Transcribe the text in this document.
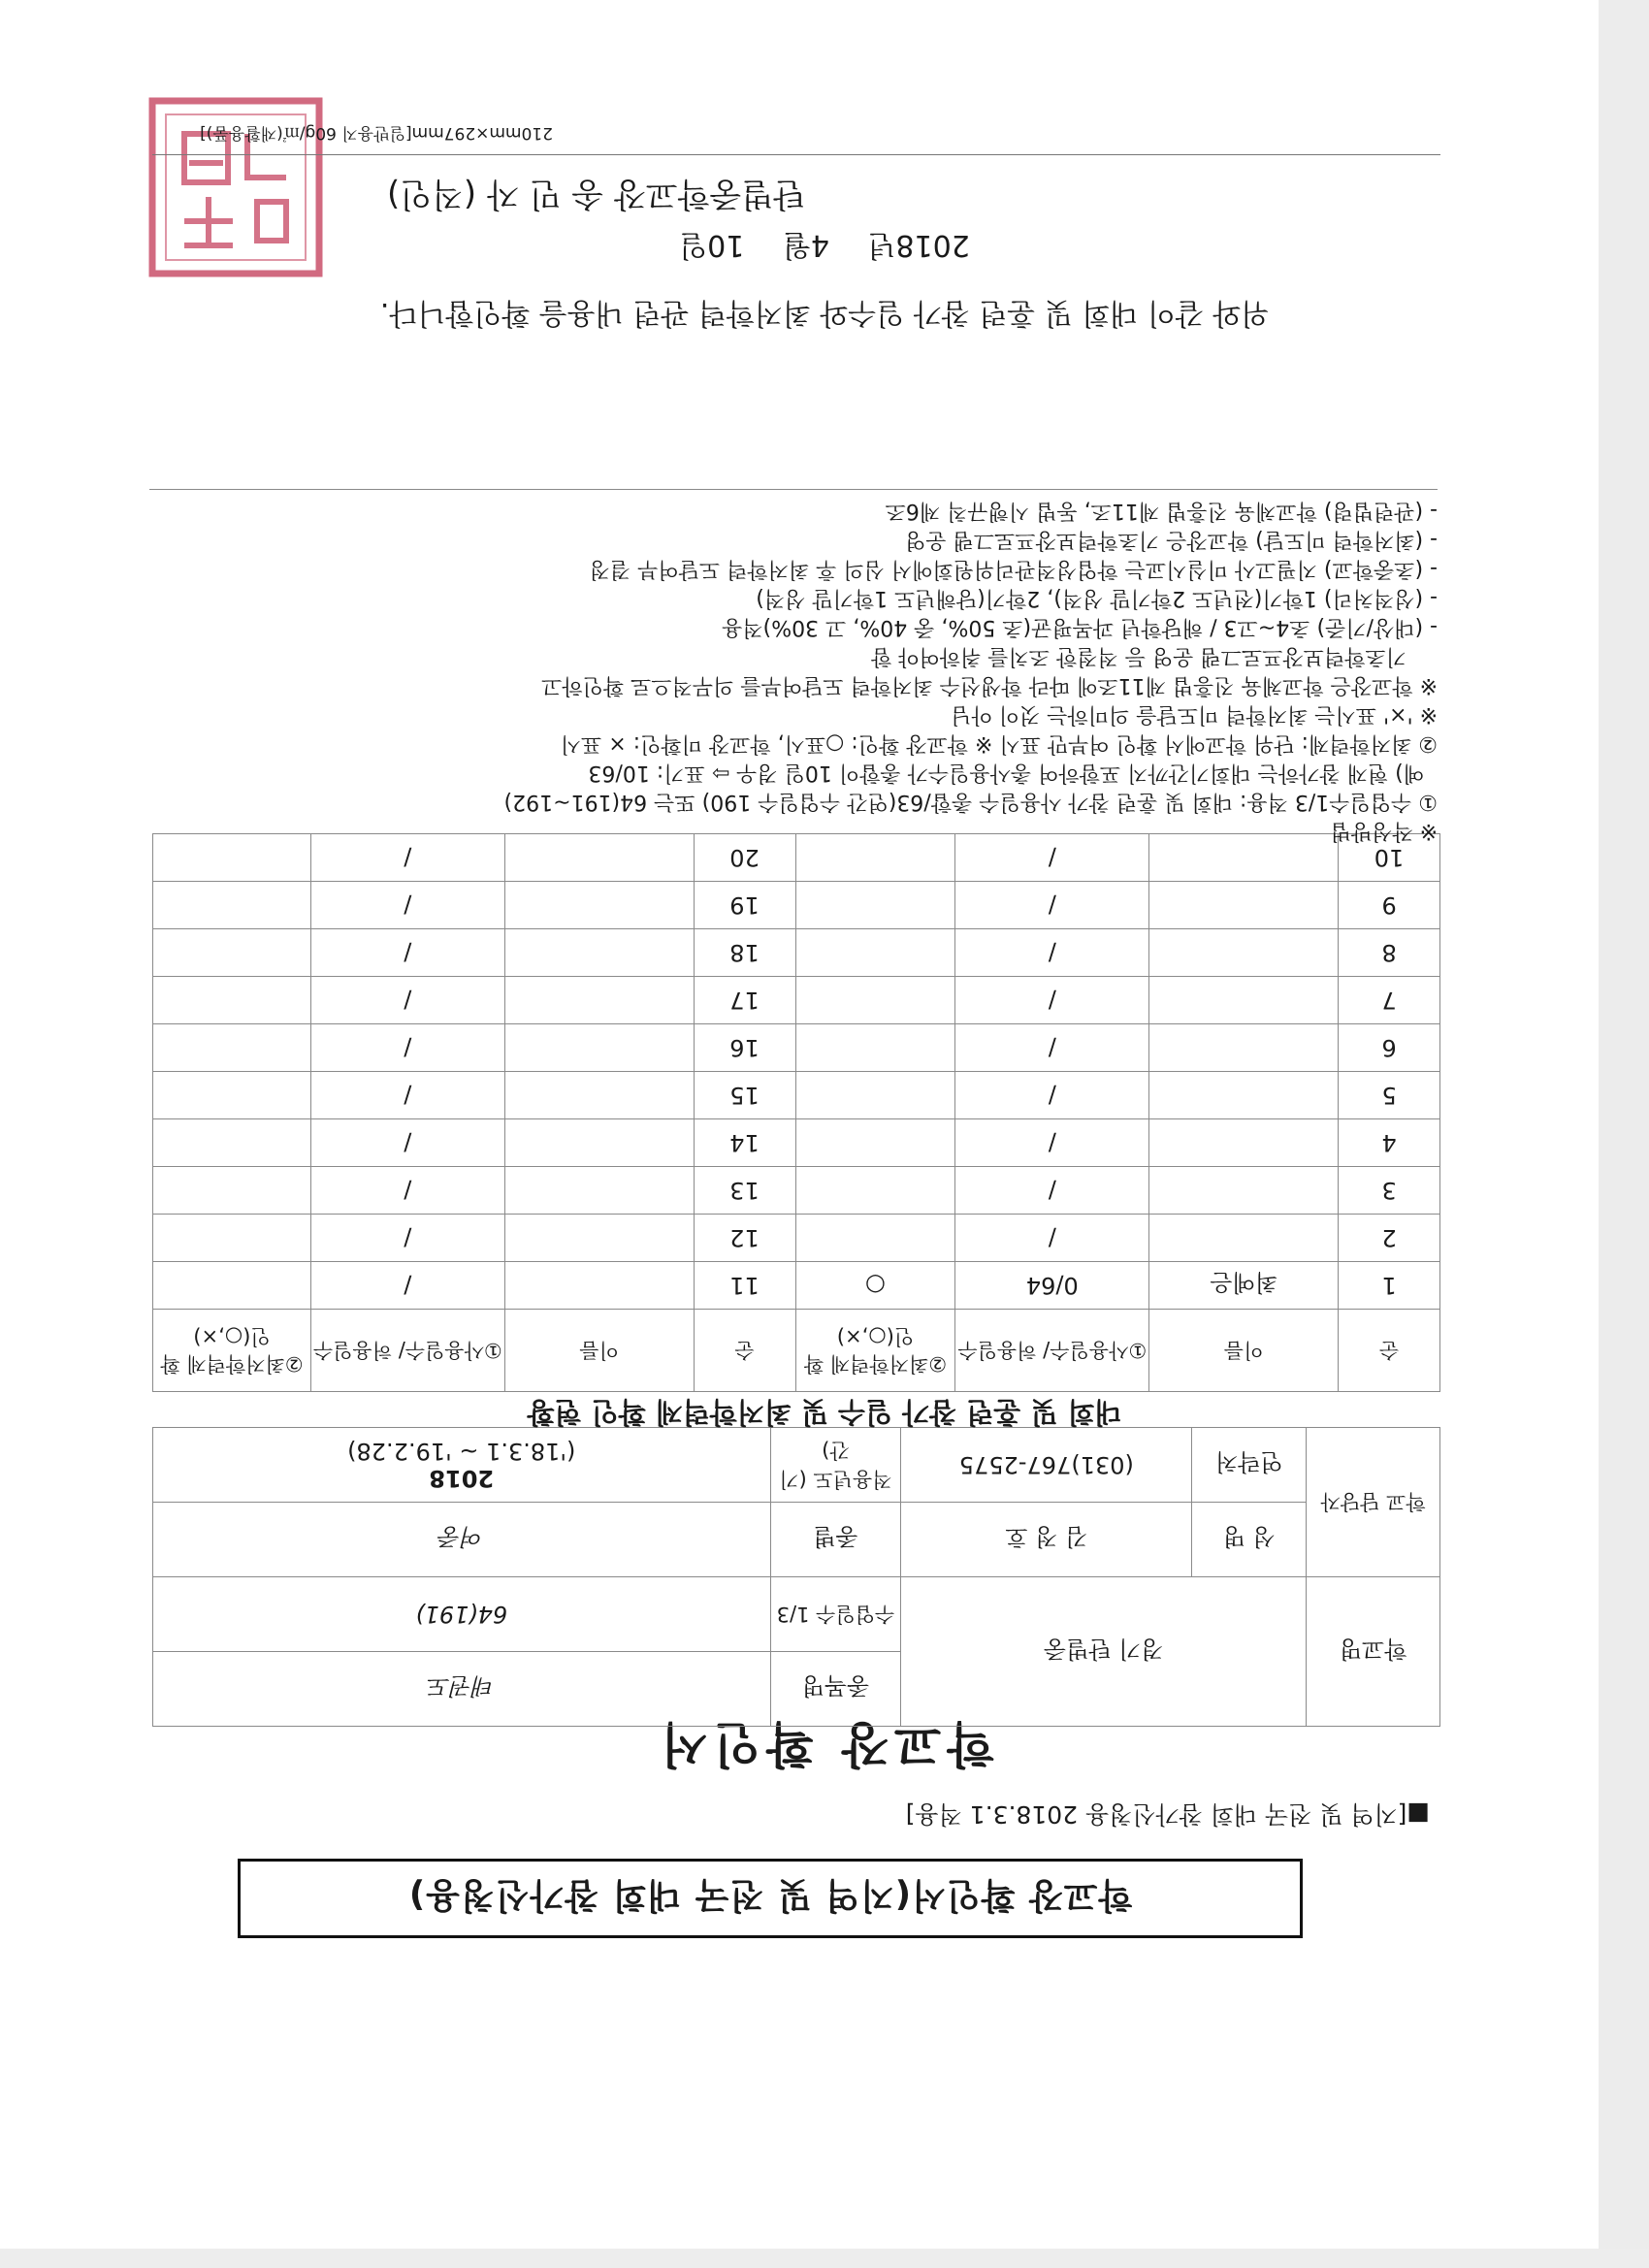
학교장 확인서(지역 및 전국 대회 참가신청용)
■[지역 및 전국 대회 참가신청용 2018.3.1 적용]
학교장 확인서
학교명	경기 탄벌중		종목명	태권도
			수업일수 1/3	64(191)
학교 담당자	성 명	김 정 호	종별	여중
	연락처	(031)767-2575	적용년도 (기간)	2018
('18.3.1 ~ '19.2.28)
대회 및 훈련 참가 일수 및 최저학력제 확인 현황
순	이름	①사용일수/ 허용일수	②최저학력제 확인(○,×)	순	이름	①사용일수/ 허용일수	②최저학력제 확인(○,×)
1	최예은	0/64	○	11		/	
2		/		12		/	
3		/		13		/	
4		/		14		/	
5		/		15		/	
6		/		16		/	
7		/		17		/	
8		/		18		/	
9		/		19		/	
10		/		20		/	

※ 작성방법

① 수업일수1/3 적용: 대회 및 훈련 참가 사용일수 총합/63(연간 수업일수 190) 또는 64(191~192)

예) 현재 참가하는 대회기간까지 포함하여 총사용일수가 총합이 10일 경우 ⇨ 표기: 10/63

② 최저학력제: 단위 학교에서 확인 여부만 표시 ※ 학교장 확인: ○표시, 학교장 미확인: × 표시

※ '×' 표시는 최저학력 미도달을 의미하는 것이 아님

※ 학교장은 학교체육 진흥법 제11조에 따라 학생선수 최저학력 도달여부를 의무적으로 확인하고

기초학력보장프로그램 운영 등 적절한 조치를 취하여야 함

- (대상/기준) 초4~고3 / 해당학년 과목평균(초 50%, 중 40%, 고 30%)적용

- (성적처리) 1학기(전년도 2학기말 성적), 2학기(당해년도 1학기말 성적)

- (초중학교) 지필고사 미실시교는 학업성적관리위원회에서 심의 후 최저학력 도달여부 결정

- (최저학력 미도달) 학교장은 기초학력보장프로그램 운영

- (관련법령) 학교체육 진흥법 제11조, 동법 시행규칙 제6조

위와 같이 대회 및 훈련 참가 일수와 최저학력 관련 내용을 확인합니다.
2018년 4월 10일
탄벌중학교장 송 민 자 (직인)
210mm×297mm[일반용지 60g/㎡(재활용품)]
